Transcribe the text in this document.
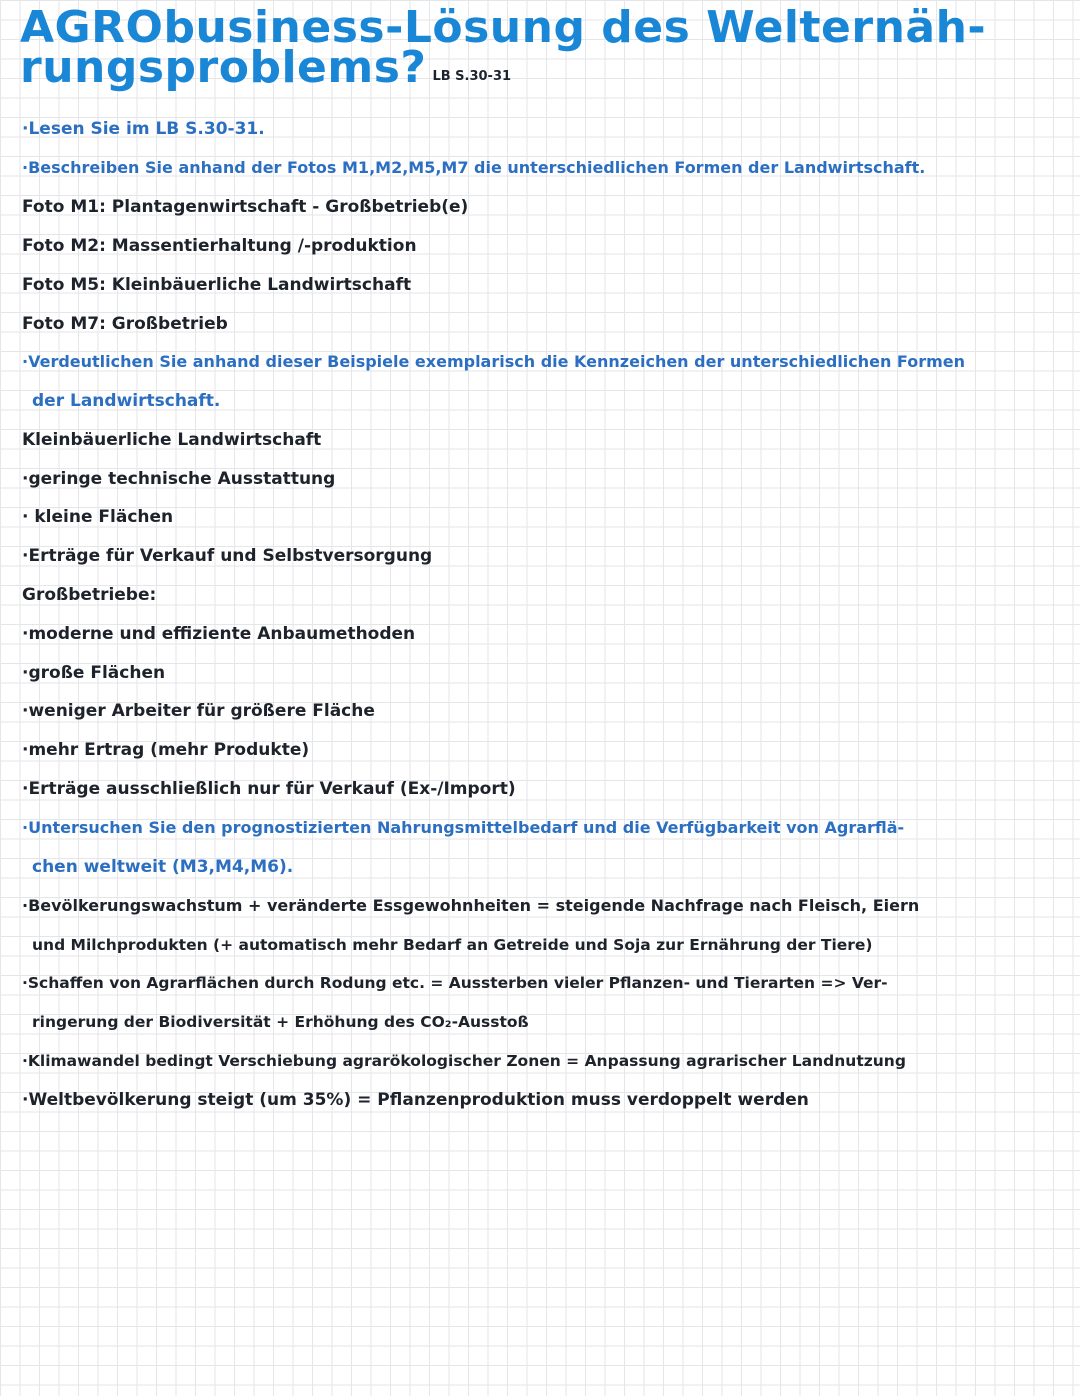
AGRObusiness-Lösung des Welternäh-
rungsproblems? LB S.30-31
·Lesen Sie im LB S.30-31.
·Beschreiben Sie anhand der Fotos M1,M2,M5,M7 die unterschiedlichen Formen der Landwirtschaft.
Foto M1: Plantagenwirtschaft - Großbetrieb(e)
Foto M2: Massentierhaltung /-produktion
Foto M5: Kleinbäuerliche Landwirtschaft
Foto M7: Großbetrieb
·Verdeutlichen Sie anhand dieser Beispiele exemplarisch die Kennzeichen der unterschiedlichen Formen
der Landwirtschaft.
Kleinbäuerliche Landwirtschaft
·geringe technische Ausstattung
· kleine Flächen
·Erträge für Verkauf und Selbstversorgung
Großbetriebe:
·moderne und effiziente Anbaumethoden
·große Flächen
·weniger Arbeiter für größere Fläche
·mehr Ertrag (mehr Produkte)
·Erträge ausschließlich nur für Verkauf (Ex-/Import)
·Untersuchen Sie den prognostizierten Nahrungsmittelbedarf und die Verfügbarkeit von Agrarflä-
chen weltweit (M3,M4,M6).
·Bevölkerungswachstum + veränderte Essgewohnheiten = steigende Nachfrage nach Fleisch, Eiern
und Milchprodukten (+ automatisch mehr Bedarf an Getreide und Soja zur Ernährung der Tiere)
·Schaffen von Agrarflächen durch Rodung etc. = Aussterben vieler Pflanzen- und Tierarten => Ver-
ringerung der Biodiversität + Erhöhung des CO₂-Ausstoß
·Klimawandel bedingt Verschiebung agrarökologischer Zonen = Anpassung agrarischer Landnutzung
·Weltbevölkerung steigt (um 35%) = Pflanzenproduktion muss verdoppelt werden
